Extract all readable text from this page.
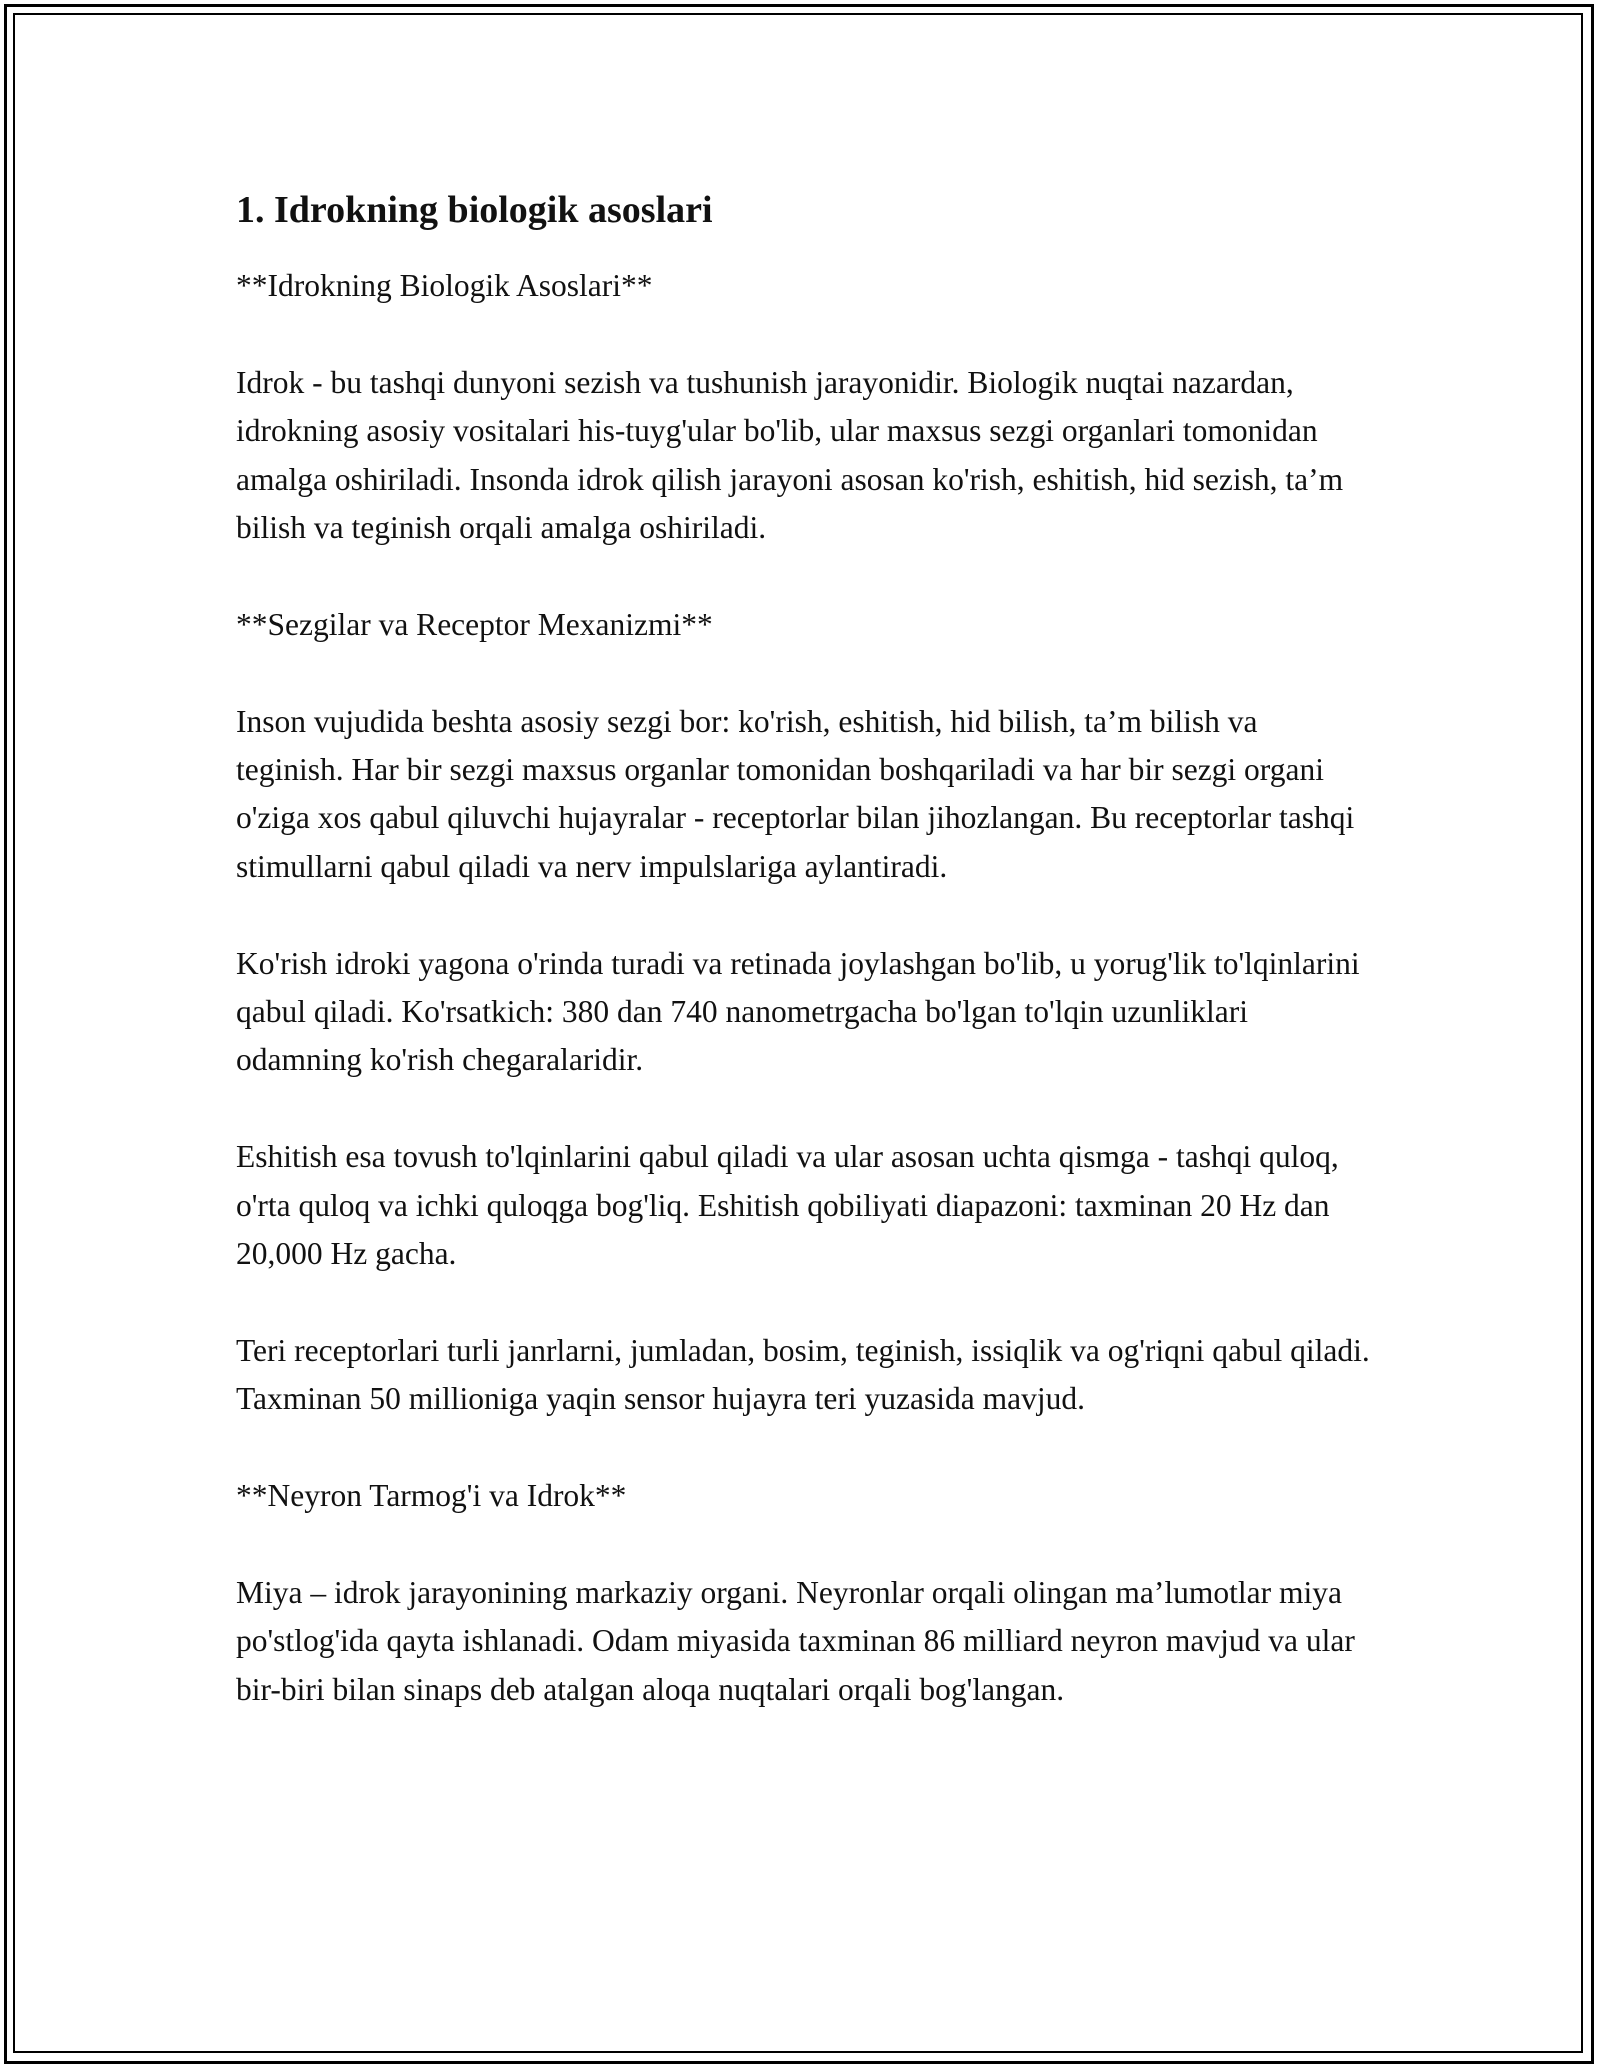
1. Idrokning biologik asoslari

**Idrokning Biologik Asoslari**

Idrok - bu tashqi dunyoni sezish va tushunish jarayonidir. Biologik nuqtai nazardan, idrokning asosiy vositalari his-tuyg'ular bo'lib, ular maxsus sezgi organlari tomonidan amalga oshiriladi. Insonda idrok qilish jarayoni asosan ko'rish, eshitish, hid sezish, ta’m bilish va teginish orqali amalga oshiriladi.

**Sezgilar va Receptor Mexanizmi**

Inson vujudida beshta asosiy sezgi bor: ko'rish, eshitish, hid bilish, ta’m bilish va teginish. Har bir sezgi maxsus organlar tomonidan boshqariladi va har bir sezgi organi o'ziga xos qabul qiluvchi hujayralar - receptorlar bilan jihozlangan. Bu receptorlar tashqi stimullarni qabul qiladi va nerv impulslariga aylantiradi.

Ko'rish idroki yagona o'rinda turadi va retinada joylashgan bo'lib, u yorug'lik to'lqinlarini qabul qiladi. Ko'rsatkich: 380 dan 740 nanometrgacha bo'lgan to'lqin uzunliklari odamning ko'rish chegaralaridir.

Eshitish esa tovush to'lqinlarini qabul qiladi va ular asosan uchta qismga - tashqi quloq, o'rta quloq va ichki quloqga bog'liq. Eshitish qobiliyati diapazoni: taxminan 20 Hz dan 20,000 Hz gacha.

Teri receptorlari turli janrlarni, jumladan, bosim, teginish, issiqlik va og'riqni qabul qiladi. Taxminan 50 millioniga yaqin sensor hujayra teri yuzasida mavjud.

**Neyron Tarmog'i va Idrok**

Miya – idrok jarayonining markaziy organi. Neyronlar orqali olingan ma’lumotlar miya po'stlog'ida qayta ishlanadi. Odam miyasida taxminan 86 milliard neyron mavjud va ular bir-biri bilan sinaps deb atalgan aloqa nuqtalari orqali bog'langan.
